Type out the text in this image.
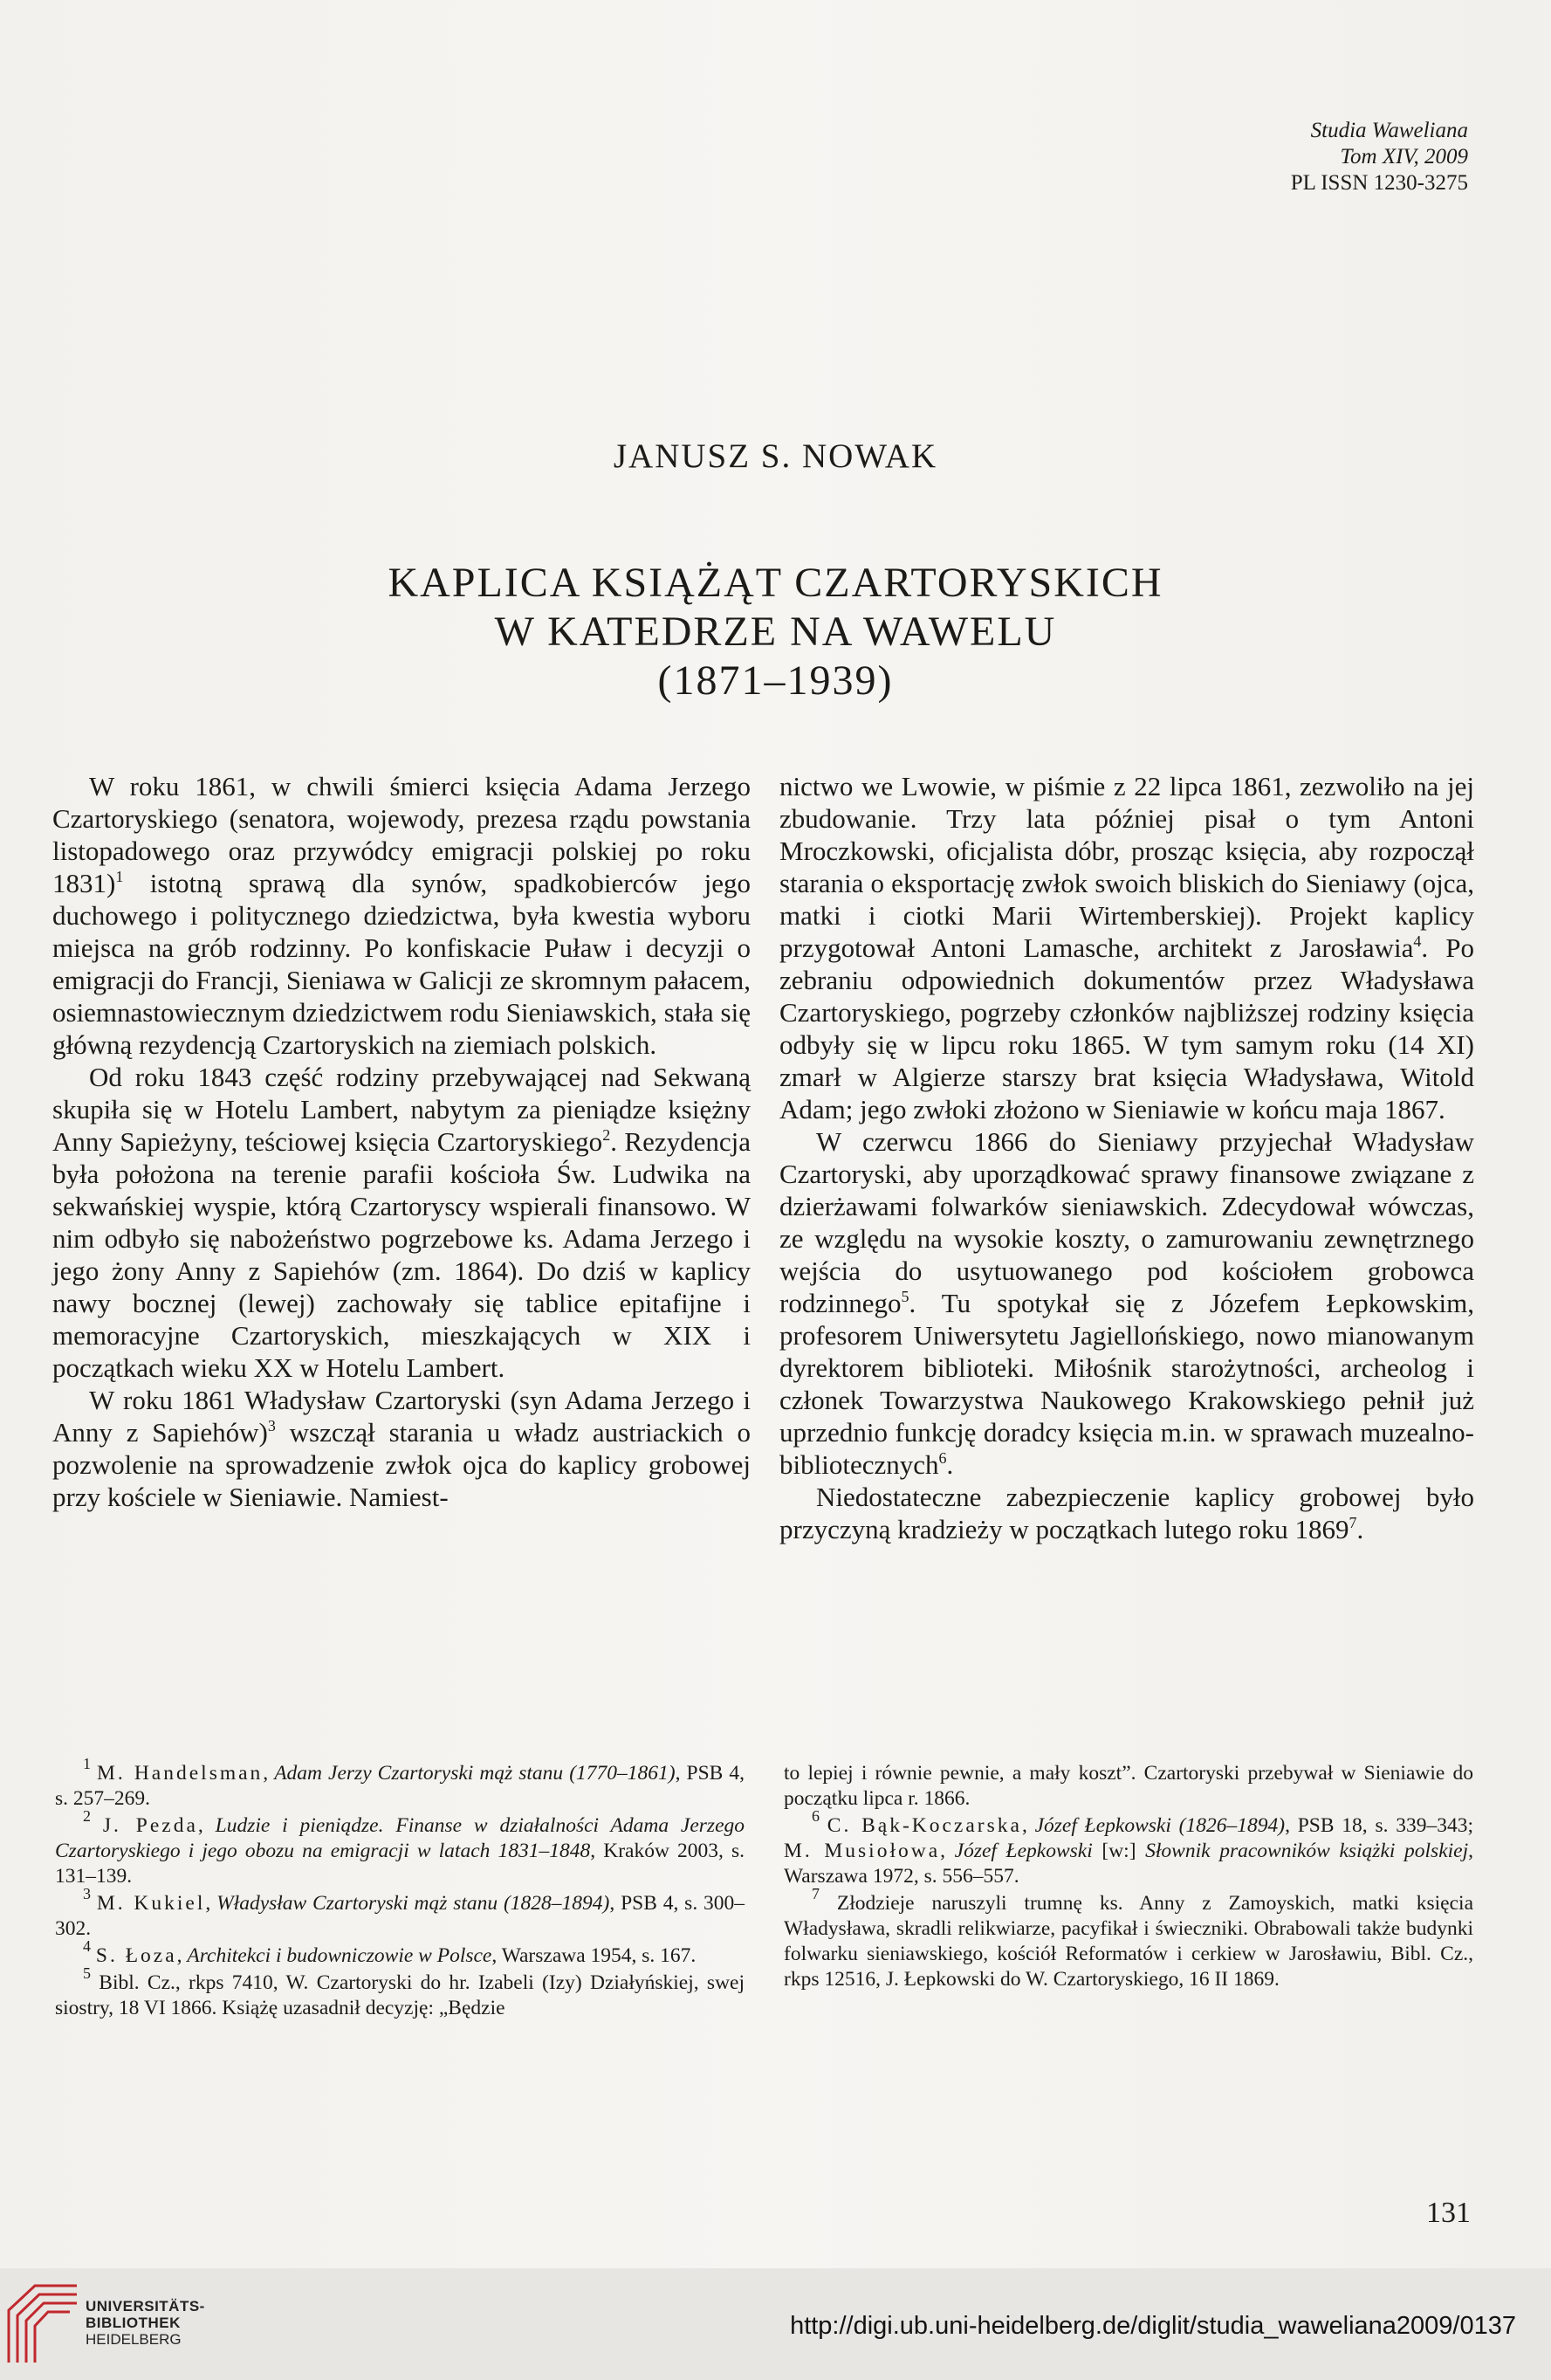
Studia Waweliana
Tom XIV, 2009
PL ISSN 1230-3275
JANUSZ S. NOWAK
KAPLICA KSIĄŻĄT CZARTORYSKICH
W KATEDRZE NA WAWELU
(1871–1939)

W roku 1861, w chwili śmierci księcia Adama Jerzego Czartoryskiego (senatora, wojewody, prezesa rządu powstania listopadowego oraz przywódcy emigracji polskiej po roku 1831)$^1$ istotną sprawą dla synów, spadkobierców jego duchowego i politycznego dziedzictwa, była kwestia wyboru miejsca na grób rodzinny. Po konfiskacie Puław i decyzji o emigracji do Francji, Sieniawa w Galicji ze skromnym pałacem, osiemnastowiecznym dziedzictwem rodu Sieniawskich, stała się główną rezydencją Czartoryskich na ziemiach polskich.

Od roku 1843 część rodziny przebywającej nad Sekwaną skupiła się w Hotelu Lambert, nabytym za pieniądze księżny Anny Sapieżyny, teściowej księcia Czartoryskiego$^2$. Rezydencja była położona na terenie parafii kościoła Św. Ludwika na sekwańskiej wyspie, którą Czartoryscy wspierali finansowo. W nim odbyło się nabożeństwo pogrzebowe ks. Adama Jerzego i jego żony Anny z Sapiehów (zm. 1864). Do dziś w kaplicy nawy bocznej (lewej) zachowały się tablice epitafijne i memoracyjne Czartoryskich, mieszkających w XIX i początkach wieku XX w Hotelu Lambert.

W roku 1861 Władysław Czartoryski (syn Adama Jerzego i Anny z Sapiehów)$^3$ wszczął starania u władz austriackich o pozwolenie na sprowadzenie zwłok ojca do kaplicy grobowej przy kościele w Sieniawie. Namiest-

nictwo we Lwowie, w piśmie z 22 lipca 1861, zezwoliło na jej zbudowanie. Trzy lata później pisał o tym Antoni Mroczkowski, oficjalista dóbr, prosząc księcia, aby rozpoczął starania o eksportację zwłok swoich bliskich do Sieniawy (ojca, matki i ciotki Marii Wirtemberskiej). Projekt kaplicy przygotował Antoni Lamasche, architekt z Jarosławia$^4$. Po zebraniu odpowiednich dokumentów przez Władysława Czartoryskiego, pogrzeby członków najbliższej rodziny księcia odbyły się w lipcu roku 1865. W tym samym roku (14 XI) zmarł w Algierze starszy brat księcia Władysława, Witold Adam; jego zwłoki złożono w Sieniawie w końcu maja 1867.

W czerwcu 1866 do Sieniawy przyjechał Władysław Czartoryski, aby uporządkować sprawy finansowe związane z dzierżawami folwarków sieniawskich. Zdecydował wówczas, ze względu na wysokie koszty, o zamurowaniu zewnętrznego wejścia do usytuowanego pod kościołem grobowca rodzinnego$^5$. Tu spotykał się z Józefem Łepkowskim, profesorem Uniwersytetu Jagiellońskiego, nowo mianowanym dyrektorem biblioteki. Miłośnik starożytności, archeolog i członek Towarzystwa Naukowego Krakowskiego pełnił już uprzednio funkcję doradcy księcia m.in. w sprawach muzealno-bibliotecznych$^6$.

Niedostateczne zabezpieczenie kaplicy grobowej było przyczyną kradzieży w początkach lutego roku 1869$^7$.

$^1$ M. Handelsman, Adam Jerzy Czartoryski mąż stanu (1770–1861), PSB 4, s. 257–269.

$^2$ J. Pezda, Ludzie i pieniądze. Finanse w działalności Adama Jerzego Czartoryskiego i jego obozu na emigracji w latach 1831–1848, Kraków 2003, s. 131–139.

$^3$ M. Kukiel, Władysław Czartoryski mąż stanu (1828–1894), PSB 4, s. 300–302.

$^4$ S. Łoza, Architekci i budowniczowie w Polsce, Warszawa 1954, s. 167.

$^5$ Bibl. Cz., rkps 7410, W. Czartoryski do hr. Izabeli (Izy) Działyńskiej, swej siostry, 18 VI 1866. Książę uzasadnił decyzję: „Będzie

to lepiej i równie pewnie, a mały koszt”. Czartoryski przebywał w Sieniawie do początku lipca r. 1866.

$^6$ C. Bąk-Koczarska, Józef Łepkowski (1826–1894), PSB 18, s. 339–343; M. Musiołowa, Józef Łepkowski [w:] Słownik pracowników książki polskiej, Warszawa 1972, s. 556–557.

$^7$ Złodzieje naruszyli trumnę ks. Anny z Zamoyskich, matki księcia Władysława, skradli relikwiarze, pacyfikał i świeczniki. Obrabowali także budynki folwarku sieniawskiego, kościół Reformatów i cerkiew w Jarosławiu, Bibl. Cz., rkps 12516, J. Łepkowski do W. Czartoryskiego, 16 II 1869.

131
UNIVERSITÄTS-
BIBLIOTHEK
HEIDELBERG	http://digi.ub.uni-heidelberg.de/diglit/studia_waweliana2009/0137
